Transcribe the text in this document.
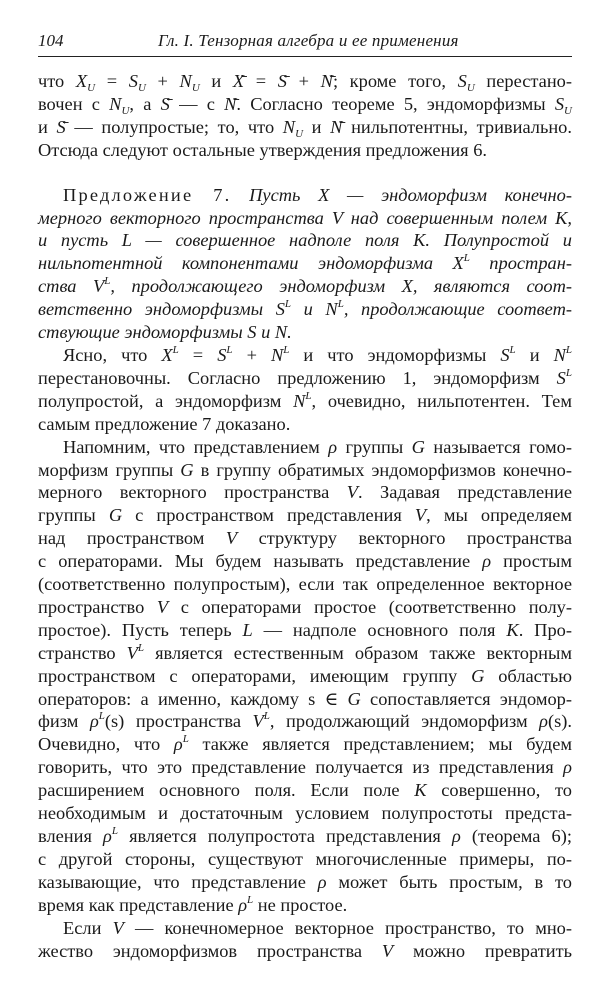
104	Гл. I. Тензорная алгебра и ее применения
что $X_U = S_U + N_U$ и X̄ = S̄ + N̄; кроме того, $S_U$ перестано-
вочен с $N_U$, а S̄ — с N̄. Согласно теореме 5, эндоморфизмы $S_U$
и S̄ — полупростые; то, что $N_U$ и N̄ нильпотентны, тривиально.
Отсюда следуют остальные утверждения предложения 6.
Предложение 7. Пусть X — эндоморфизм конечно-
мерного векторного пространства V над совершенным полем K,
и пусть L — совершенное надполе поля K. Полупростой и
нильпотентной компонентами эндоморфизма $X^L$ простран-
ства $V^L$, продолжающего эндоморфизм X, являются соот-
ветственно эндоморфизмы $S^L$ и $N^L$, продолжающие соответ-
ствующие эндоморфизмы S и N.
Ясно, что $X^L = S^L + N^L$ и что эндоморфизмы $S^L$ и $N^L$
перестановочны. Согласно предложению 1, эндоморфизм $S^L$
полупростой, а эндоморфизм $N^L$, очевидно, нильпотентен. Тем
самым предложение 7 доказано.
Напомним, что представлением ρ группы G называется гомо-
морфизм группы G в группу обратимых эндоморфизмов конечно-
мерного векторного пространства V. Задавая представление
группы G с пространством представления V, мы определяем
над пространством V структуру векторного пространства
с операторами. Мы будем называть представление ρ простым
(соответственно полупростым), если так определенное векторное
пространство V с операторами простое (соответственно полу-
простое). Пусть теперь L — надполе основного поля K. Про-
странство $V^L$ является естественным образом также векторным
пространством с операторами, имеющим группу G областью
операторов: а именно, каждому s ∈ G сопоставляется эндомор-
физм $\rho^L(s)$ пространства $V^L$, продолжающий эндоморфизм ρ(s).
Очевидно, что $\rho^L$ также является представлением; мы будем
говорить, что это представление получается из представления ρ
расширением основного поля. Если поле K совершенно, то
необходимым и достаточным условием полупростоты предста-
вления $\rho^L$ является полупростота представления ρ (теорема 6);
с другой стороны, существуют многочисленные примеры, по-
казывающие, что представление ρ может быть простым, в то
время как представление $\rho^L$ не простое.
Если V — конечномерное векторное пространство, то мно-
жество эндоморфизмов пространства V можно превратить
